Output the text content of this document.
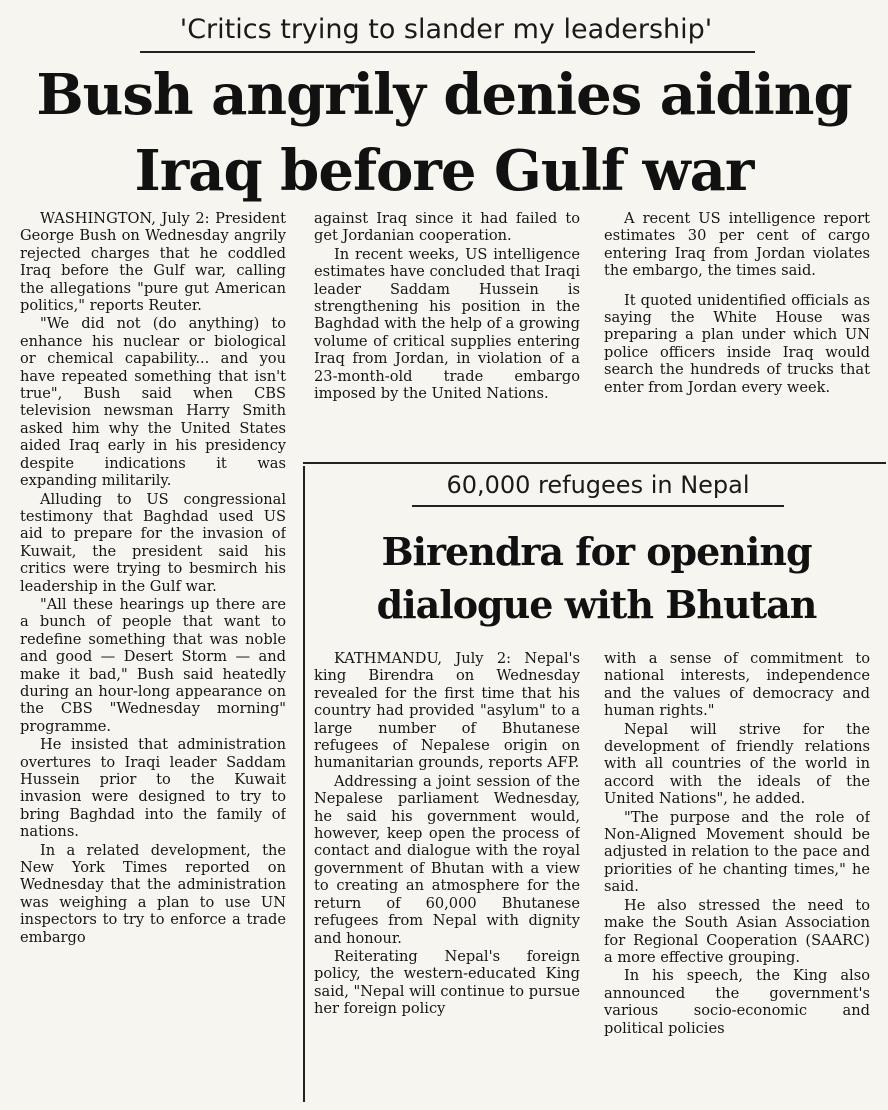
'Critics trying to slander my leadership'
Bush angrily denies aiding
Iraq before Gulf war

WASHINGTON, July 2: President George Bush on Wednesday angrily rejected charges that he coddled Iraq before the Gulf war, calling the allegations "pure gut American politics," reports Reuter.

"We did not (do anything) to enhance his nuclear or biological or chemical capability... and you have repeated something that isn't true", Bush said when CBS television newsman Harry Smith asked him why the United States aided Iraq early in his presidency despite indications it was expanding militarily.

Alluding to US congressional testimony that Baghdad used US aid to prepare for the invasion of Kuwait, the president said his critics were trying to besmirch his leadership in the Gulf war.

"All these hearings up there are a bunch of people that want to redefine something that was noble and good — Desert Storm — and make it bad," Bush said heatedly during an hour-long appearance on the CBS "Wednesday morning" programme.

He insisted that administration overtures to Iraqi leader Saddam Hussein prior to the Kuwait invasion were designed to try to bring Baghdad into the family of nations.

In a related development, the New York Times reported on Wednesday that the administration was weighing a plan to use UN inspectors to try to enforce a trade embargo

against Iraq since it had failed to get Jordanian cooperation.

In recent weeks, US intelligence estimates have concluded that Iraqi leader Saddam Hussein is strengthening his position in the Baghdad with the help of a growing volume of critical supplies entering Iraq from Jordan, in violation of a 23-month-old trade embargo imposed by the United Nations.

A recent US intelligence report estimates 30 per cent of cargo entering Iraq from Jordan violates the embargo, the times said.

It quoted unidentified officials as saying the White House was preparing a plan under which UN police officers inside Iraq would search the hundreds of trucks that enter from Jordan every week.

60,000 refugees in Nepal
Birendra for opening
dialogue with Bhutan

KATHMANDU, July 2: Nepal's king Birendra on Wednesday revealed for the first time that his country had provided "asylum" to a large number of Bhutanese refugees of Nepalese origin on humanitarian grounds, reports AFP.

Addressing a joint session of the Nepalese parliament Wednesday, he said his government would, however, keep open the process of contact and dialogue with the royal government of Bhutan with a view to creating an atmosphere for the return of 60,000 Bhutanese refugees from Nepal with dignity and honour.

Reiterating Nepal's foreign policy, the western-educated King said, "Nepal will continue to pursue her foreign policy

with a sense of commitment to national interests, independence and the values of democracy and human rights."

Nepal will strive for the development of friendly relations with all countries of the world in accord with the ideals of the United Nations", he added.

"The purpose and the role of Non-Aligned Movement should be adjusted in relation to the pace and priorities of he chanting times," he said.

He also stressed the need to make the South Asian Association for Regional Cooperation (SAARC) a more effective grouping.

In his speech, the King also announced the government's various socio-economic and political policies
